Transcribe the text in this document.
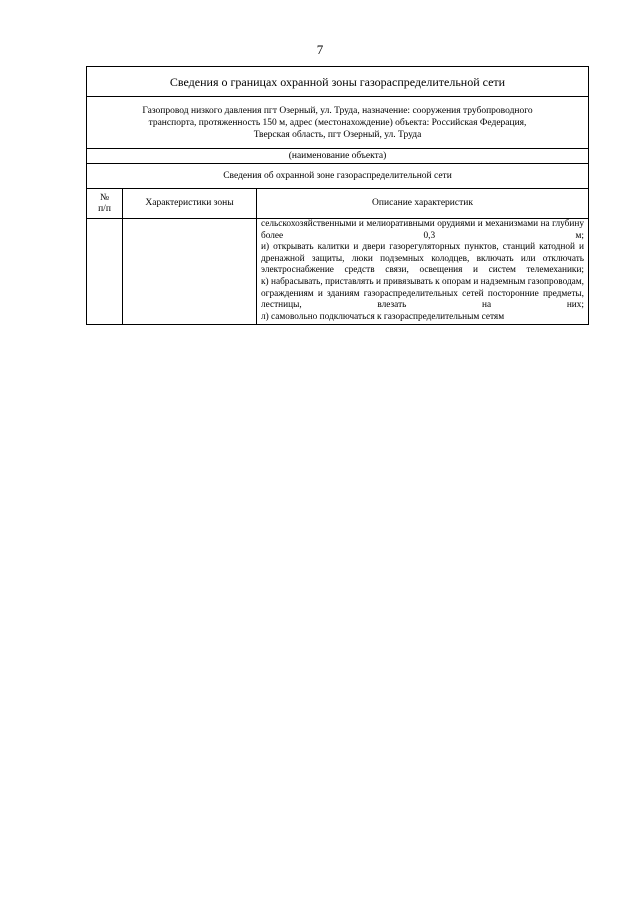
7
Сведения о границах охранной зоны газораспределительной сети		

Газопровод низкого давления пгт Озерный, ул. Труда, назначение: сооружения трубопроводного
транспорта, протяженность 150 м, адрес (местонахождение) объекта: Российская Федерация,
Тверская область, пгт Озерный, ул. Труда		

(наименование объекта)		
Сведения об охранной зоне газораспределительной сети		

№
п/п	Характеристики зоны	Описание характеристик

		сельскохозяйственными и мелиоративными орудиями и механизмами на глубину более 0,3 м;
и) открывать калитки и двери газорегуляторных пунктов, станций катодной и дренажной защиты, люки подземных колодцев, включать или отключать электроснабжение средств связи, освещения и систем телемеханики;
к) набрасывать, приставлять и привязывать к опорам и надземным газопроводам, ограждениям и зданиям газораспределительных сетей посторонние предметы, лестницы, влезать на них;
л) самовольно подключаться к газораспределительным сетям
